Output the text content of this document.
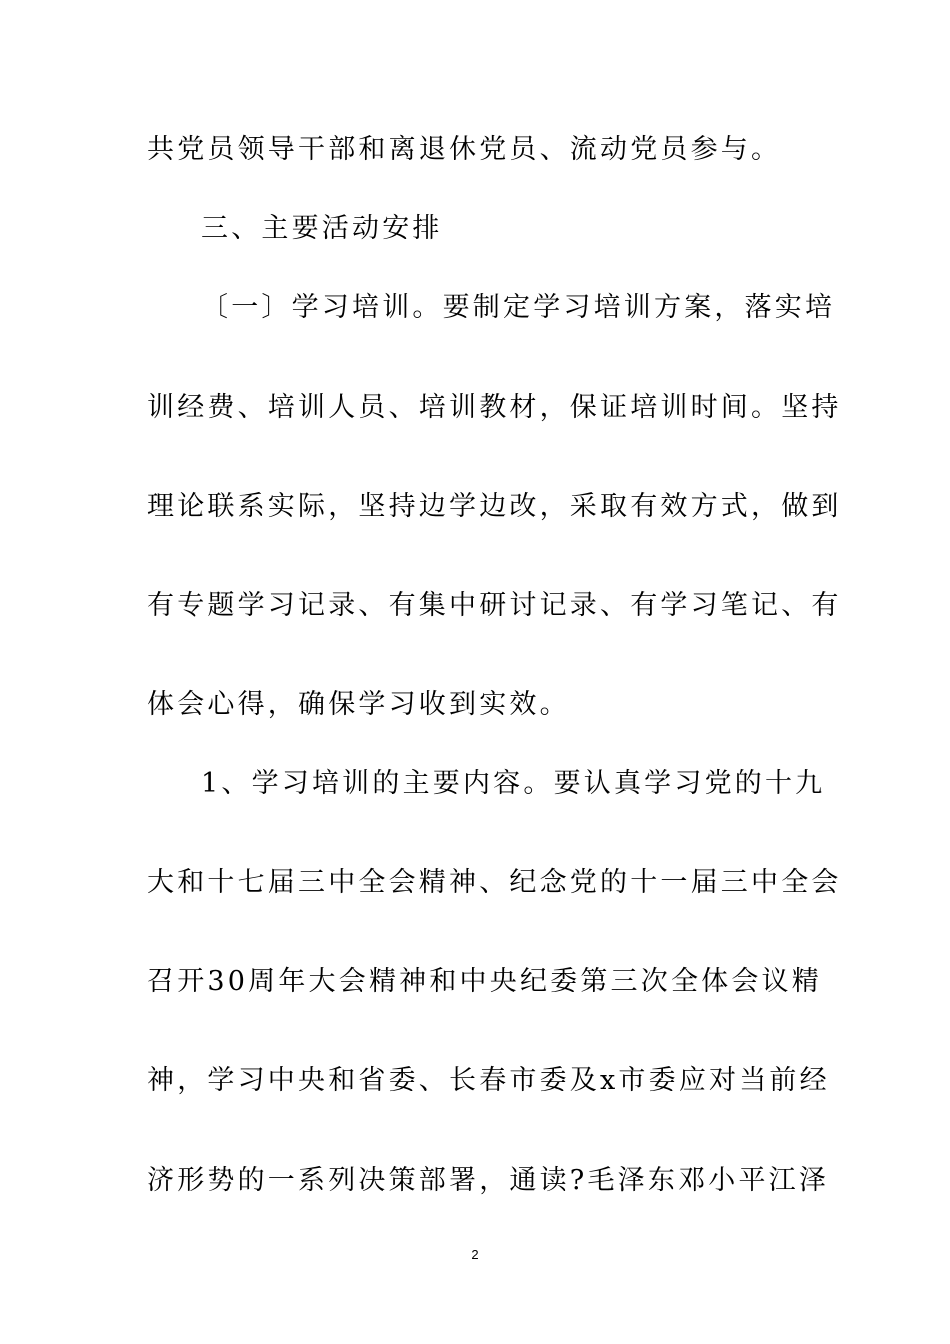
共党员领导干部和离退休党员、流动党员参与。
三、主要活动安排
〔一〕学习培训。要制定学习培训方案，落实培
训经费、培训人员、培训教材，保证培训时间。坚持
理论联系实际，坚持边学边改，采取有效方式，做到
有专题学习记录、有集中研讨记录、有学习笔记、有
体会心得，确保学习收到实效。
1、学习培训的主要内容。要认真学习党的十九
大和十七届三中全会精神、纪念党的十一届三中全会
召开30周年大会精神和中央纪委第三次全体会议精
神，学习中央和省委、长春市委及x市委应对当前经
济形势的一系列决策部署，通读?毛泽东邓小平江泽
2
